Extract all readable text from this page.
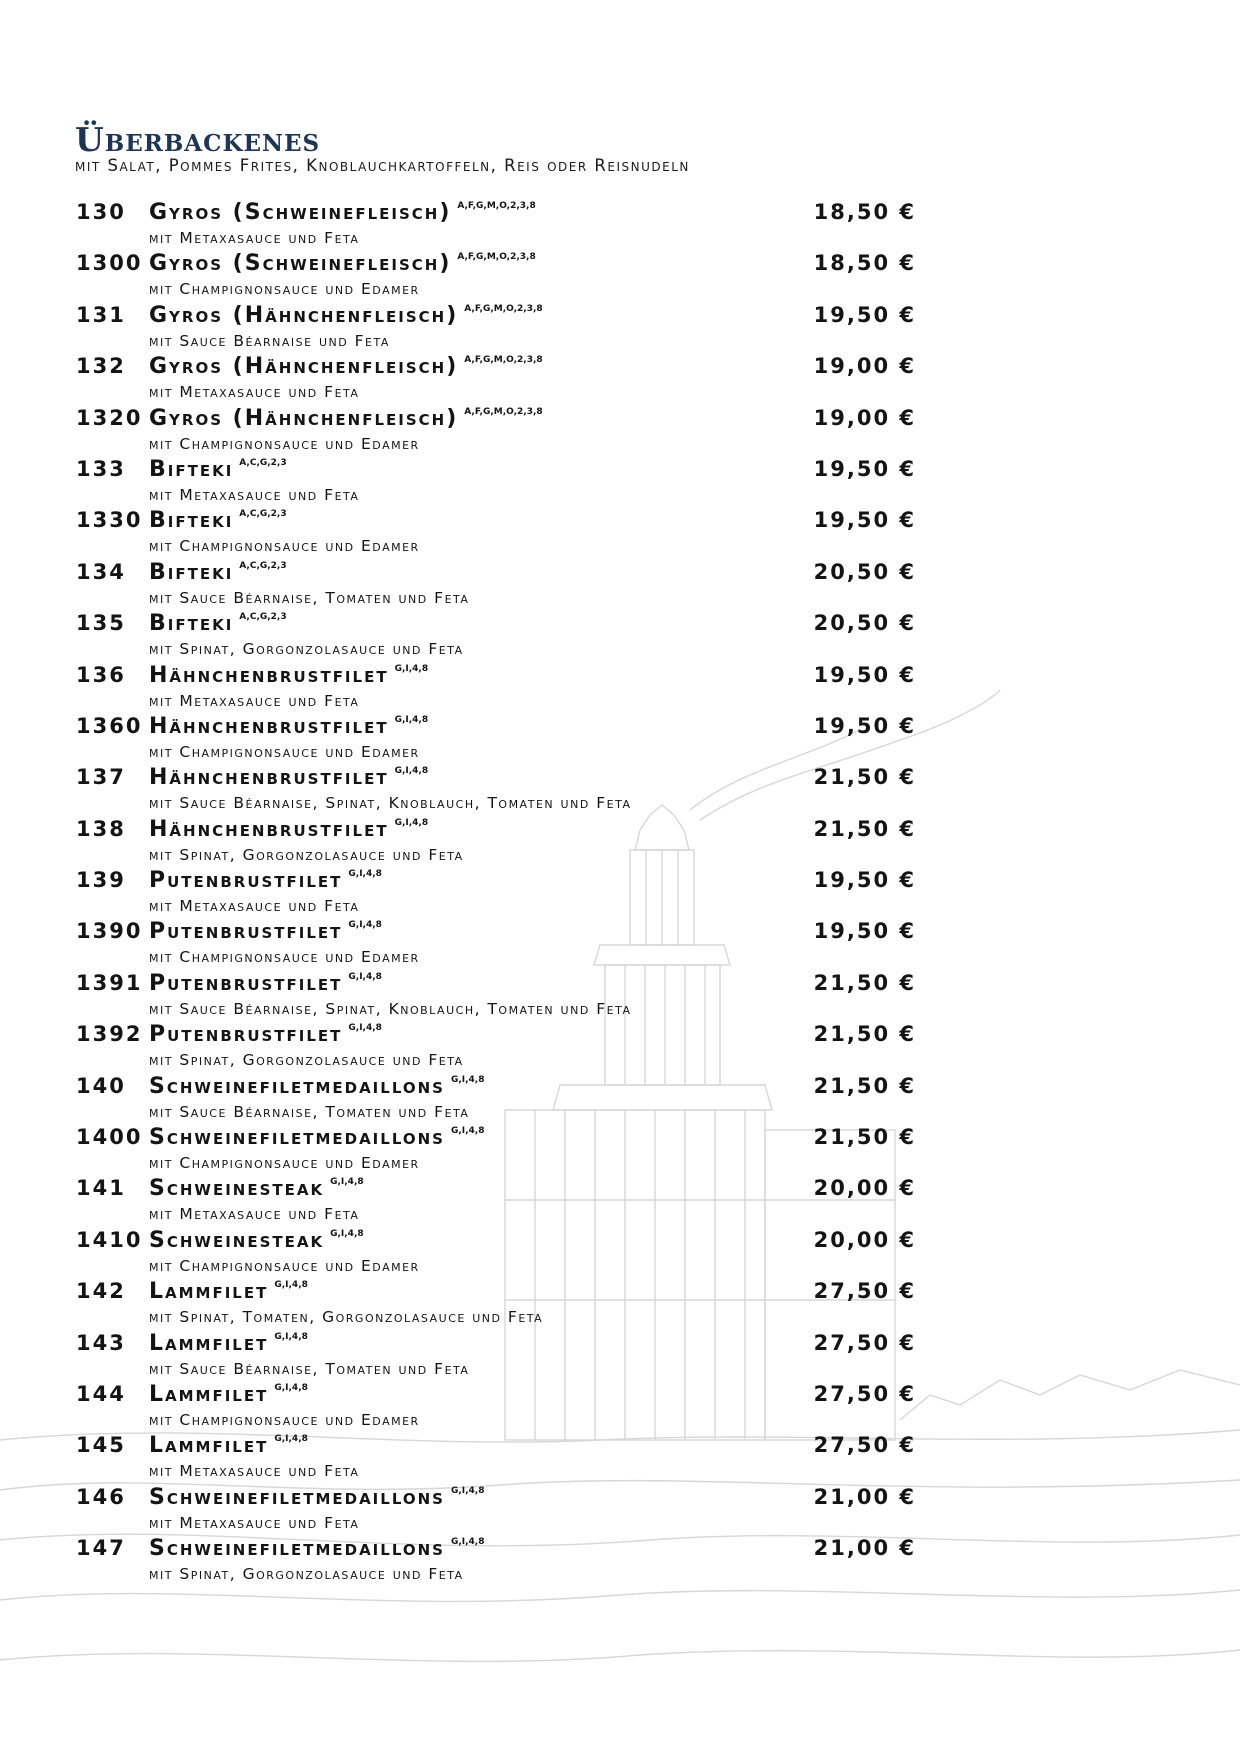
Überbackenes
mit Salat, Pommes Frites, Knoblauchkartoffeln, Reis oder Reisnudeln
130	Gyros (Schweinefleisch) $^{A,F,G,M,O,2,3,8}$	18,50 €
mit Metaxasauce und Feta
1300 Gyros (Schweinefleisch) $^{A,F,G,M,O,2,3,8}$	18,50 €
mit Champignonsauce und Edamer
131	Gyros (Hähnchenfleisch) $^{A,F,G,M,O,2,3,8}$	19,50 €
mit Sauce Béarnaise und Feta
132	Gyros (Hähnchenfleisch) $^{A,F,G,M,O,2,3,8}$	19,00 €
mit Metaxasauce und Feta
1320 Gyros (Hähnchenfleisch) $^{A,F,G,M,O,2,3,8}$	19,00 €
mit Champignonsauce und Edamer
133	Bifteki $^{A,C,G,2,3}$	19,50 €
mit Metaxasauce und Feta
1330 Bifteki $^{A,C,G,2,3}$	19,50 €
mit Champignonsauce und Edamer
134	Bifteki $^{A,C,G,2,3}$	20,50 €
mit Sauce Béarnaise, Tomaten und Feta
135	Bifteki $^{A,C,G,2,3}$	20,50 €
mit Spinat, Gorgonzolasauce und Feta
136	Hähnchenbrustfilet $^{G,I,4,8}$	19,50 €
mit Metaxasauce und Feta
1360 Hähnchenbrustfilet $^{G,I,4,8}$	19,50 €
mit Champignonsauce und Edamer
137	Hähnchenbrustfilet $^{G,I,4,8}$	21,50 €
mit Sauce Béarnaise, Spinat, Knoblauch, Tomaten und Feta
138	Hähnchenbrustfilet $^{G,I,4,8}$	21,50 €
mit Spinat, Gorgonzolasauce und Feta
139	Putenbrustfilet $^{G,I,4,8}$	19,50 €
mit Metaxasauce und Feta
1390 Putenbrustfilet $^{G,I,4,8}$	19,50 €
mit Champignonsauce und Edamer
1391 Putenbrustfilet $^{G,I,4,8}$	21,50 €
mit Sauce Béarnaise, Spinat, Knoblauch, Tomaten und Feta
1392 Putenbrustfilet $^{G,I,4,8}$	21,50 €
mit Spinat, Gorgonzolasauce und Feta
140	Schweinefiletmedaillons $^{G,I,4,8}$	21,50 €
mit Sauce Béarnaise, Tomaten und Feta
1400 Schweinefiletmedaillons $^{G,I,4,8}$	21,50 €
mit Champignonsauce und Edamer
141	Schweinesteak $^{G,I,4,8}$	20,00 €
mit Metaxasauce und Feta
1410 Schweinesteak $^{G,I,4,8}$	20,00 €
mit Champignonsauce und Edamer
142	Lammfilet $^{G,I,4,8}$	27,50 €
mit Spinat, Tomaten, Gorgonzolasauce und Feta
143	Lammfilet $^{G,I,4,8}$	27,50 €
mit Sauce Béarnaise, Tomaten und Feta
144	Lammfilet $^{G,I,4,8}$	27,50 €
mit Champignonsauce und Edamer
145	Lammfilet $^{G,I,4,8}$	27,50 €
mit Metaxasauce und Feta
146	Schweinefiletmedaillons $^{G,I,4,8}$	21,00 €
mit Metaxasauce und Feta
147	Schweinefiletmedaillons $^{G,I,4,8}$	21,00 €
mit Spinat, Gorgonzolasauce und Feta
